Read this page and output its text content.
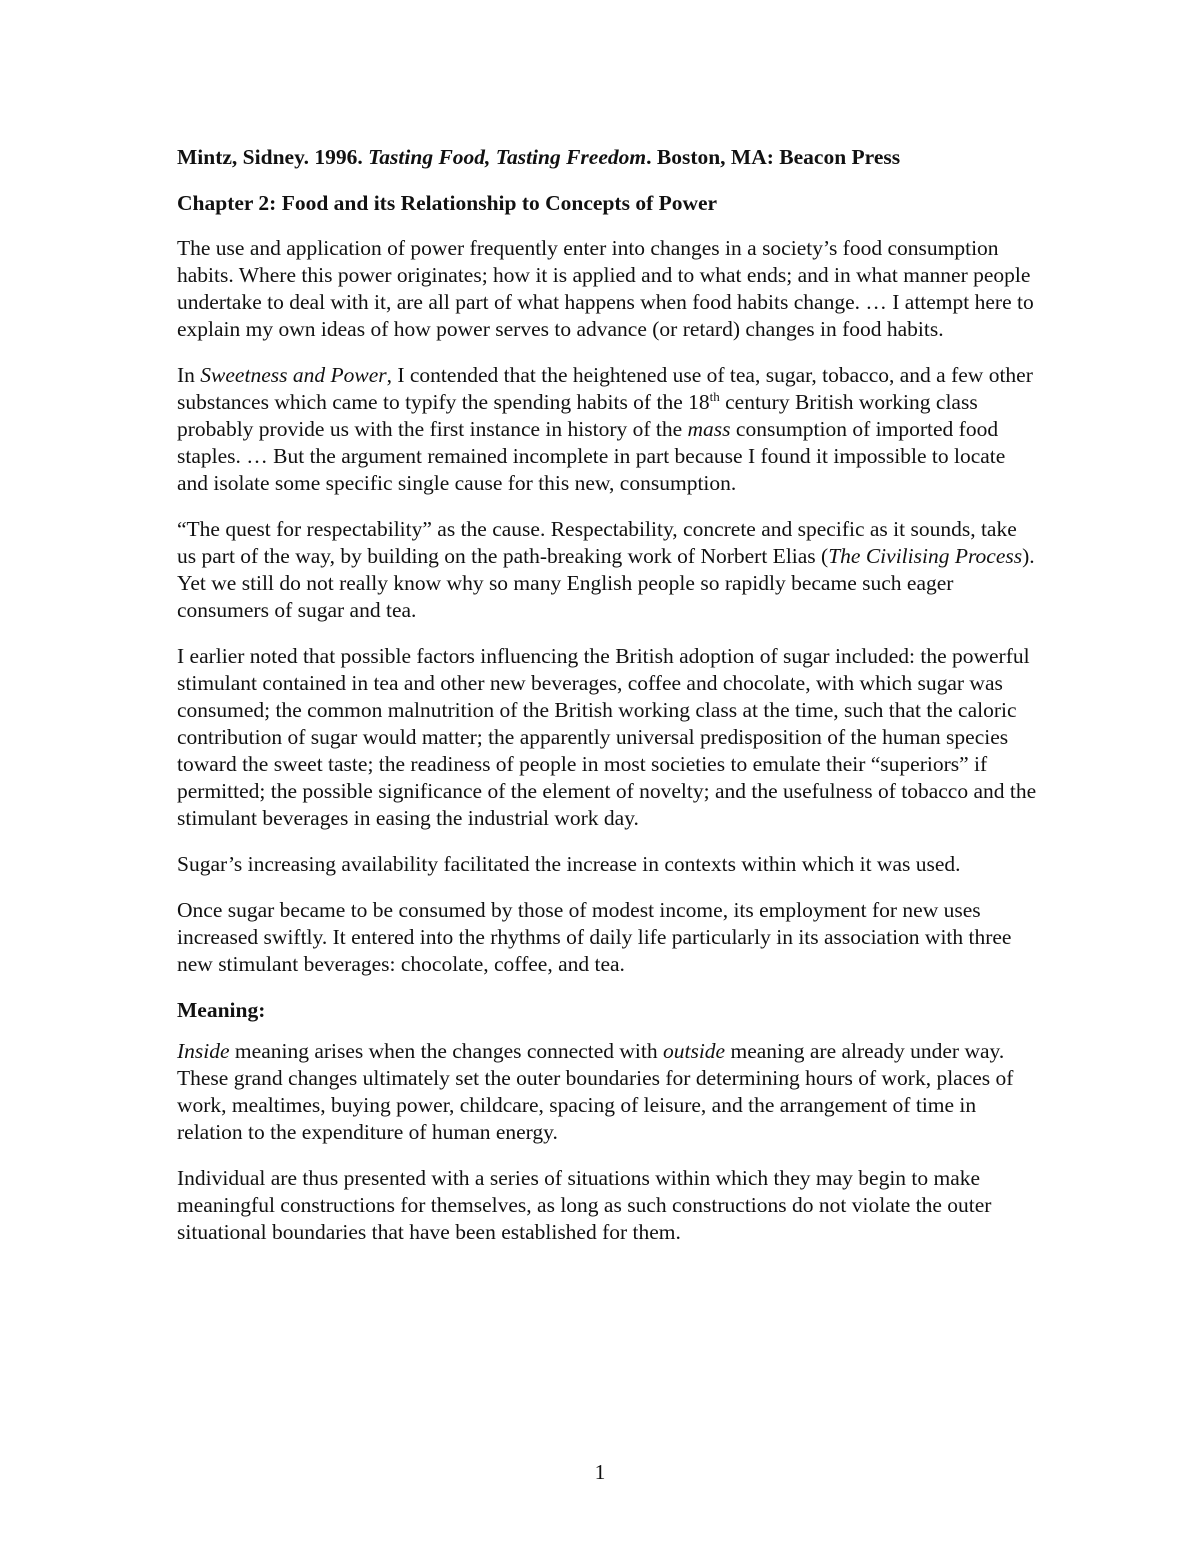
Mintz, Sidney. 1996. Tasting Food, Tasting Freedom. Boston, MA: Beacon Press

Chapter 2: Food and its Relationship to Concepts of Power

The use and application of power frequently enter into changes in a society’s food consumption habits. Where this power originates; how it is applied and to what ends; and in what manner people undertake to deal with it, are all part of what happens when food habits change. … I attempt here to explain my own ideas of how power serves to advance (or retard) changes in food habits.

In Sweetness and Power, I contended that the heightened use of tea, sugar, tobacco, and a few other substances which came to typify the spending habits of the 18th century British working class probably provide us with the first instance in history of the mass consumption of imported food staples. … But the argument remained incomplete in part because I found it impossible to locate and isolate some specific single cause for this new, consumption.

“The quest for respectability” as the cause. Respectability, concrete and specific as it sounds, take us part of the way, by building on the path-breaking work of Norbert Elias (The Civilising Process). Yet we still do not really know why so many English people so rapidly became such eager consumers of sugar and tea.

I earlier noted that possible factors influencing the British adoption of sugar included: the powerful stimulant contained in tea and other new beverages, coffee and chocolate, with which sugar was consumed; the common malnutrition of the British working class at the time, such that the caloric contribution of sugar would matter; the apparently universal predisposition of the human species toward the sweet taste; the readiness of people in most societies to emulate their “superiors” if permitted; the possible significance of the element of novelty; and the usefulness of tobacco and the stimulant beverages in easing the industrial work day.

Sugar’s increasing availability facilitated the increase in contexts within which it was used.

Once sugar became to be consumed by those of modest income, its employment for new uses increased swiftly. It entered into the rhythms of daily life particularly in its association with three new stimulant beverages: chocolate, coffee, and tea.

Meaning:

Inside meaning arises when the changes connected with outside meaning are already under way. These grand changes ultimately set the outer boundaries for determining hours of work, places of work, mealtimes, buying power, childcare, spacing of leisure, and the arrangement of time in relation to the expenditure of human energy.

Individual are thus presented with a series of situations within which they may begin to make meaningful constructions for themselves, as long as such constructions do not violate the outer situational boundaries that have been established for them.

1
